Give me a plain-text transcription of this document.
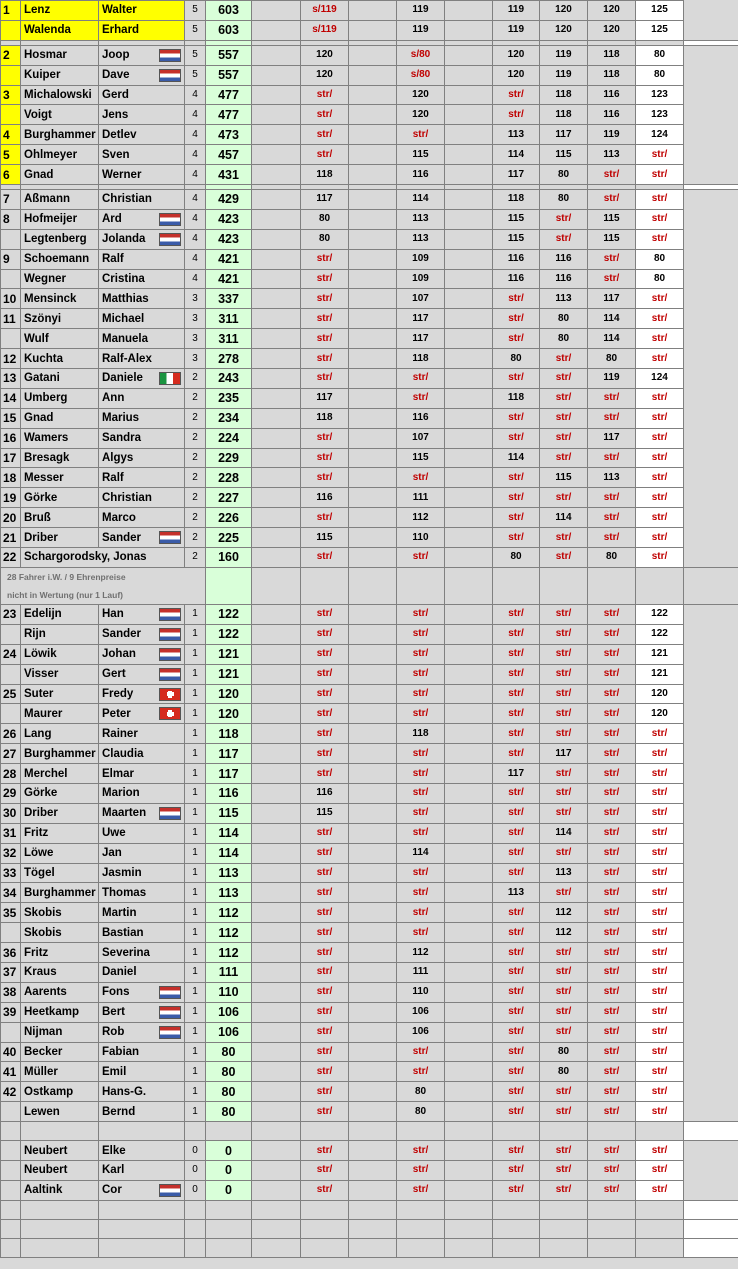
1	Lenz	Walter	5	603		s/119		119		119	120	120	125	
	Walenda	Erhard	5	603		s/119		119		119	120	120	125	

2	Hosmar	Joop	5	557		120		s/80		120	119	118	80	
	Kuiper	Dave	5	557		120		s/80		120	119	118	80	
3	Michalowski	Gerd	4	477		str/		120		str/	118	116	123	
	Voigt	Jens	4	477		str/		120		str/	118	116	123	
4	Burghammer	Detlev	4	473		str/		str/		113	117	119	124	
5	Ohlmeyer	Sven	4	457		str/		115		114	115	113	str/	
6	Gnad	Werner	4	431		118		116		117	80	str/	str/	

7	Aßmann	Christian	4	429		117		114		118	80	str/	str/	
8	Hofmeijer	Ard	4	423		80		113		115	str/	115	str/	
	Legtenberg	Jolanda	4	423		80		113		115	str/	115	str/	
9	Schoemann	Ralf	4	421		str/		109		116	116	str/	80	
	Wegner	Cristina	4	421		str/		109		116	116	str/	80	
10	Mensinck	Matthias	3	337		str/		107		str/	113	117	str/	
11	Szönyi	Michael	3	311		str/		117		str/	80	114	str/	
	Wulf	Manuela	3	311		str/		117		str/	80	114	str/	
12	Kuchta	Ralf-Alex	3	278		str/		118		80	str/	80	str/	
13	Gatani	Daniele	2	243		str/		str/		str/	str/	119	124	
14	Umberg	Ann	2	235		117		str/		118	str/	str/	str/	
15	Gnad	Marius	2	234		118		116		str/	str/	str/	str/	
16	Wamers	Sandra	2	224		str/		107		str/	str/	117	str/	
17	Bresagk	Algys	2	229		str/		115		114	str/	str/	str/	
18	Messer	Ralf	2	228		str/		str/		str/	115	113	str/	
19	Görke	Christian	2	227		116		111		str/	str/	str/	str/	
20	Bruß	Marco	2	226		str/		112		str/	114	str/	str/	
21	Driber	Sander	2	225		115		110		str/	str/	str/	str/	
22	Schargorodsky, Jonas		2	160		str/		str/		80	str/	80	str/	

28 Fahrer i.W. / 9 Ehrenpreise
nicht in Wertung (nur 1 Lauf)														

23	Edelijn	Han	1	122		str/		str/		str/	str/	str/	122	
	Rijn	Sander	1	122		str/		str/		str/	str/	str/	122	
24	Löwik	Johan	1	121		str/		str/		str/	str/	str/	121	
	Visser	Gert	1	121		str/		str/		str/	str/	str/	121	
25	Suter	Fredy	1	120		str/		str/		str/	str/	str/	120	
	Maurer	Peter	1	120		str/		str/		str/	str/	str/	120	
26	Lang	Rainer	1	118		str/		118		str/	str/	str/	str/	
27	Burghammer	Claudia	1	117		str/		str/		str/	117	str/	str/	
28	Merchel	Elmar	1	117		str/		str/		117	str/	str/	str/	
29	Görke	Marion	1	116		116		str/		str/	str/	str/	str/	
30	Driber	Maarten	1	115		115		str/		str/	str/	str/	str/	
31	Fritz	Uwe	1	114		str/		str/		str/	114	str/	str/	
32	Löwe	Jan	1	114		str/		114		str/	str/	str/	str/	
33	Tögel	Jasmin	1	113		str/		str/		str/	113	str/	str/	
34	Burghammer	Thomas	1	113		str/		str/		113	str/	str/	str/	
35	Skobis	Martin	1	112		str/		str/		str/	112	str/	str/	
	Skobis	Bastian	1	112		str/		str/		str/	112	str/	str/	
36	Fritz	Severina	1	112		str/		112		str/	str/	str/	str/	
37	Kraus	Daniel	1	111		str/		111		str/	str/	str/	str/	
38	Aarents	Fons	1	110		str/		110		str/	str/	str/	str/	
39	Heetkamp	Bert	1	106		str/		106		str/	str/	str/	str/	
	Nijman	Rob	1	106		str/		106		str/	str/	str/	str/	
40	Becker	Fabian	1	80		str/		str/		str/	80	str/	str/	
41	Müller	Emil	1	80		str/		str/		str/	80	str/	str/	
42	Ostkamp	Hans-G.	1	80		str/		80		str/	str/	str/	str/	
	Lewen	Bernd	1	80		str/		80		str/	str/	str/	str/	

	Neubert	Elke	0	0		str/		str/		str/	str/	str/	str/	
	Neubert	Karl	0	0		str/		str/		str/	str/	str/	str/	
	Aaltink	Cor	0	0		str/		str/		str/	str/	str/	str/	
